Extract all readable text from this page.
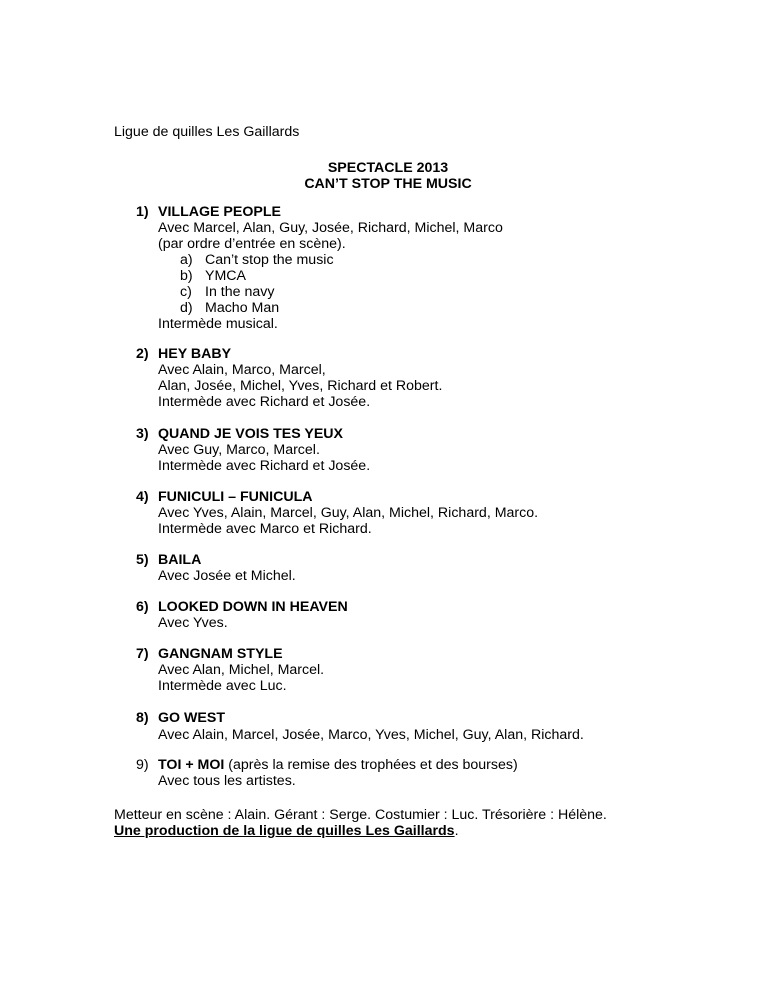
Ligue de quilles Les Gaillards
SPECTACLE 2013
CAN’T STOP THE MUSIC
1) VILLAGE PEOPLE
Avec Marcel, Alan, Guy, Josée, Richard, Michel, Marco
(par ordre d’entrée en scène).
a) Can’t stop the music
b) YMCA
c) In the navy
d) Macho Man
Intermède musical.
2) HEY BABY
Avec Alain, Marco, Marcel,
Alan, Josée, Michel, Yves, Richard et Robert.
Intermède avec Richard et Josée.
3) QUAND JE VOIS TES YEUX
Avec Guy, Marco, Marcel.
Intermède avec Richard et Josée.
4) FUNICULI – FUNICULA
Avec Yves, Alain, Marcel, Guy, Alan, Michel, Richard, Marco.
Intermède avec Marco et Richard.
5) BAILA
Avec Josée et Michel.
6) LOOKED DOWN IN HEAVEN
Avec Yves.
7) GANGNAM STYLE
Avec Alan, Michel, Marcel.
Intermède avec Luc.
8) GO WEST
Avec Alain, Marcel, Josée, Marco, Yves, Michel, Guy, Alan, Richard.
9) TOI + MOI (après la remise des trophées et des bourses)
Avec tous les artistes.
Metteur en scène : Alain. Gérant : Serge. Costumier : Luc. Trésorière : Hélène.
Une production de la ligue de quilles Les Gaillards.
